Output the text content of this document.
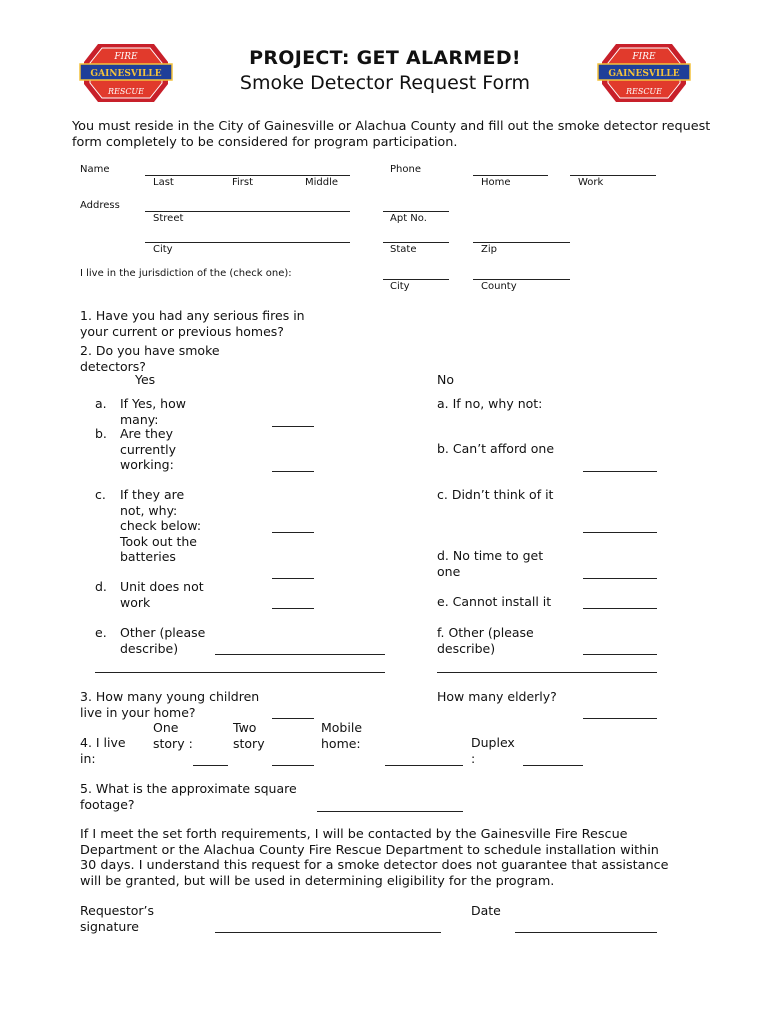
FIRE
GAINESVILLE
RESCUE
FIRE
GAINESVILLE
RESCUE
PROJECT: GET ALARMED!
Smoke Detector Request Form
You must reside in the City of Gainesville or Alachua County and fill out the smoke detector request form completely to be considered for program participation.
Name
Last	First	Middle
Phone
Home	Work
Address
Street	Apt No.
City	State	Zip
I live in the jurisdiction of the (check one):
City	County
1. Have you had any serious fires in your current or previous homes?
2. Do you have smoke detectors?
Yes	No
a. If Yes, how many:
b. Are they currently working:
c. If they are not, why: check below: Took out the batteries
d. Unit does not work
e. Other (please describe)
a. If no, why not:
b. Can’t afford one
c. Didn’t think of it
d. No time to get one
e. Cannot install it
f. Other (please describe)
3. How many young children live in your home?
How many elderly?
4. I live in:
One story :
Two story
Mobile home:	Duplex :
5. What is the approximate square footage?
If I meet the set forth requirements, I will be contacted by the Gainesville Fire Rescue Department or the Alachua County Fire Rescue Department to schedule installation within 30 days. I understand this request for a smoke detector does not guarantee that assistance will be granted, but will be used in determining eligibility for the program.
Requestor’s signature
Date
